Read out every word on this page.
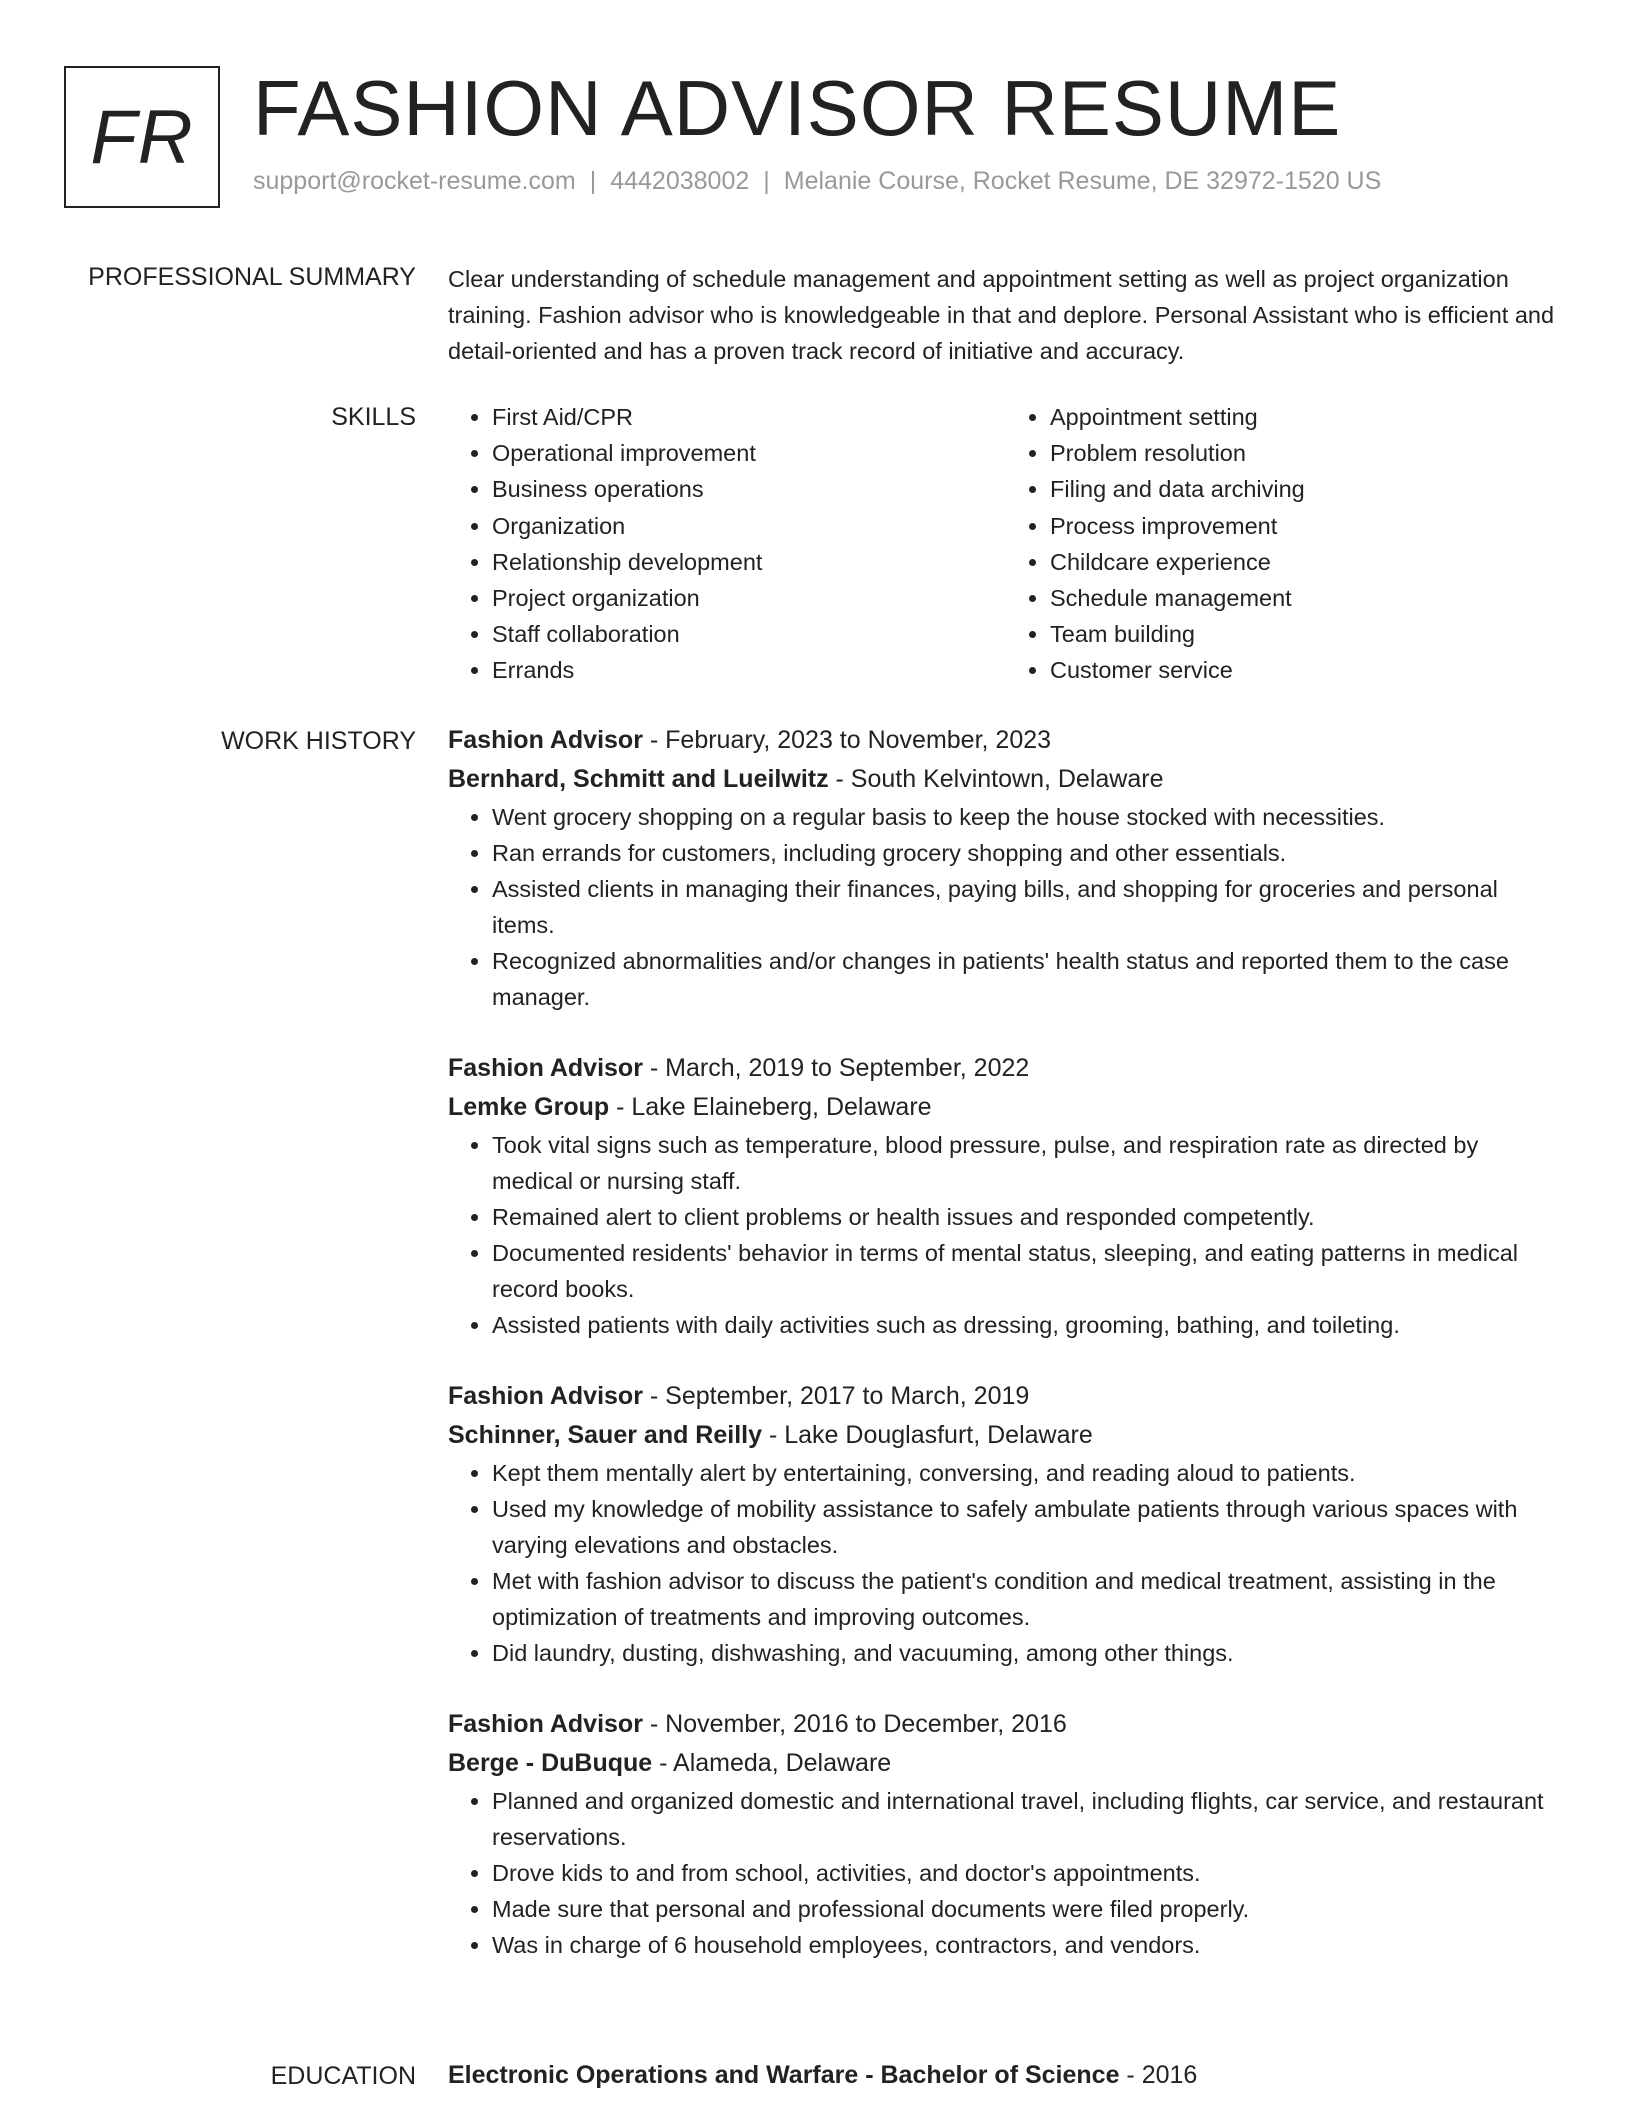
FR FASHION ADVISOR RESUME
support@rocket-resume.com | 4442038002 | Melanie Course, Rocket Resume, DE 32972-1520 US
PROFESSIONAL SUMMARY Clear understanding of schedule management and appointment setting as well as project organization training. Fashion advisor who is knowledgeable in that and deplore. Personal Assistant who is efficient and detail-oriented and has a proven track record of initiative and accuracy.

SKILLS
•	First Aid/CPR
• Operational improvement
• Business operations
• Organization
• Relationship development
• Project organization
• Staff collaboration
• Errands
• Appointment setting
• Problem resolution
• Filing and data archiving
• Process improvement
• Childcare experience
• Schedule management
• Team building
• Customer service
WORK HISTORY Fashion Advisor - February, 2023 to November, 2023
Bernhard, Schmitt and Lueilwitz - South Kelvintown, Delaware
• Went grocery shopping on a regular basis to keep the house stocked with necessities.
• Ran errands for customers, including grocery shopping and other essentials.
• Assisted clients in managing their finances, paying bills, and shopping for groceries and personal items.
• Recognized abnormalities and/or changes in patients' health status and reported them to the case manager.
Fashion Advisor - March, 2019 to September, 2022
Lemke Group - Lake Elaineberg, Delaware
• Took vital signs such as temperature, blood pressure, pulse, and respiration rate as directed by medical or nursing staff.
• Remained alert to client problems or health issues and responded competently.
• Documented residents' behavior in terms of mental status, sleeping, and eating patterns in medical record books.
• Assisted patients with daily activities such as dressing, grooming, bathing, and toileting.
Fashion Advisor - September, 2017 to March, 2019
Schinner, Sauer and Reilly - Lake Douglasfurt, Delaware
• Kept them mentally alert by entertaining, conversing, and reading aloud to patients.
• Used my knowledge of mobility assistance to safely ambulate patients through various spaces with varying elevations and obstacles.
• Met with fashion advisor to discuss the patient's condition and medical treatment, assisting in the optimization of treatments and improving outcomes.
• Did laundry, dusting, dishwashing, and vacuuming, among other things.
Fashion Advisor - November, 2016 to December, 2016
Berge - DuBuque - Alameda, Delaware
• Planned and organized domestic and international travel, including flights, car service, and restaurant reservations.
• Drove kids to and from school, activities, and doctor's appointments.
• Made sure that personal and professional documents were filed properly.
• Was in charge of 6 household employees, contractors, and vendors.
EDUCATION Electronic Operations and Warfare - Bachelor of Science - 2016
